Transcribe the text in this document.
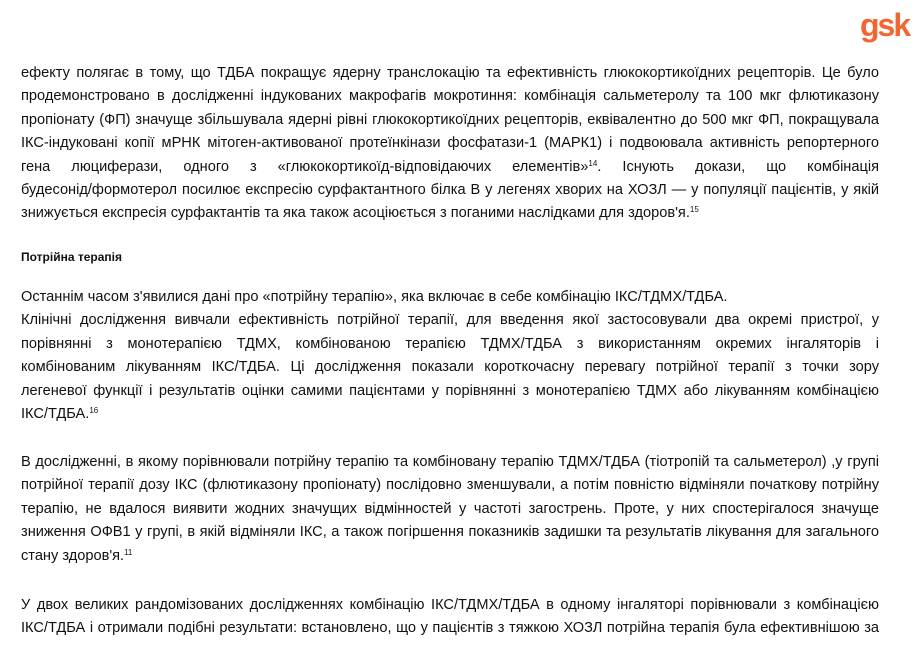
gsk
ефекту полягає в тому, що ТДБА покращує ядерну транслокацію та ефективність глюкокортикоїдних рецепторів. Це було
продемонстровано в дослідженні індукованих макрофагів мокротиння: комбінація сальметеролу та 100 мкг флютиказону
пропіонату (ФП) значуще збільшувала ядерні рівні глюкокортикоїдних рецепторів, еквівалентно до 500 мкг ФП, покращувала
ІКС-індуковані копії мРНК мітоген-активованої протеїнкінази фосфатази-1 (МАРК1) і подвоювала активність репортерного
гена люциферази, одного з «глюкокортикоїд-відповідаючих елементів»$^{14}$. Існують докази, що комбінація
будесонід/формотерол посилює експресію сурфактантного білка B у легенях хворих на ХОЗЛ — у популяції пацієнтів, у якій
знижується експресія сурфактантів та яка також асоціюється з поганими наслідками для здоров'я.$^{15}$
Потрійна терапія
Останнім часом з'явилися дані про «потрійну терапію», яка включає в себе комбінацію ІКС/ТДМХ/ТДБА.
Клінічні дослідження вивчали ефективність потрійної терапії, для введення якої застосовували два окремі пристрої, у
порівнянні з монотерапією ТДМХ, комбінованою терапією ТДМХ/ТДБА з використанням окремих інгаляторів і
комбінованим лікуванням ІКС/ТДБА. Ці дослідження показали короткочасну перевагу потрійної терапії з точки зору
легеневої функції і результатів оцінки самими пацієнтами у порівнянні з монотерапією ТДМХ або лікуванням комбінацією
ІКС/ТДБА.$^{16}$
В дослідженні, в якому порівнювали потрійну терапію та комбіновану терапію ТДМХ/ТДБА (тіотропій та сальметерол) ,у групі
потрійної терапії дозу ІКС (флютиказону пропіонату) послідовно зменшували, а потім повністю відміняли початкову потрійну
терапію, не вдалося виявити жодних значущих відмінностей у частоті загострень. Проте, у них спостерігалося значуще
зниження ОФВ1 у групі, в якій відміняли ІКС, а також погіршення показників задишки та результатів лікування для загального
стану здоров'я.$^{11}$
У двох великих рандомізованих дослідженнях комбінацію ІКС/ТДМХ/ТДБА в одному інгаляторі порівнювали з комбінацією
ІКС/ТДБА і отримали подібні результати: встановлено, що у пацієнтів з тяжкою ХОЗЛ потрійна терапія була ефективнішою за
